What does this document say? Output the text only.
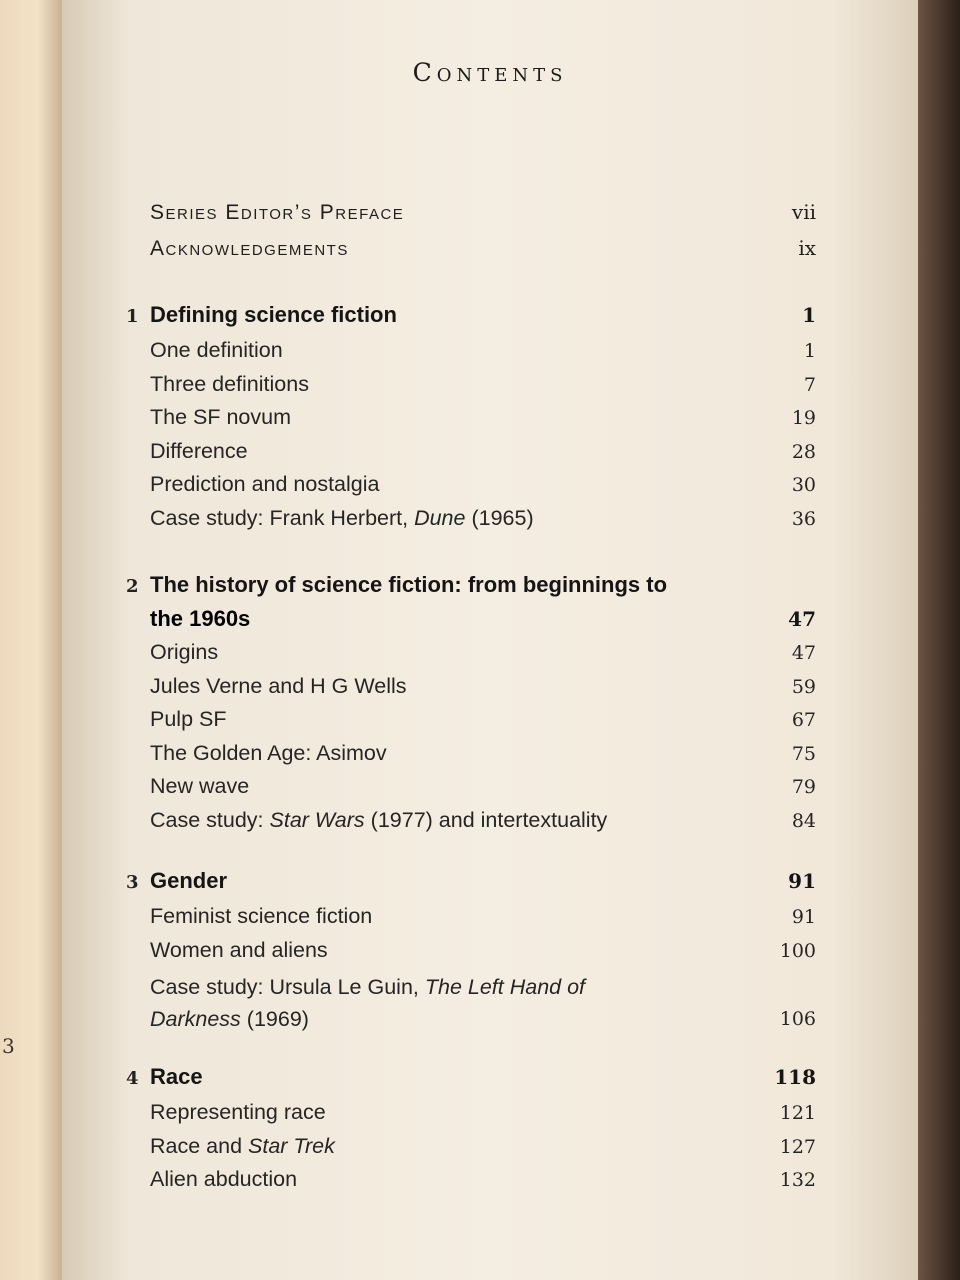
3

Contents
Series Editor’s Preface	vii
Acknowledgements	ix
1 Defining science fiction	1
One definition	1
Three definitions	7
The SF novum	19
Difference	28
Prediction and nostalgia	30
Case study: Frank Herbert, Dune (1965)	36
2 The history of science fiction: from beginnings to
the 1960s	47
Origins	47
Jules Verne and H G Wells	59
Pulp SF	67
The Golden Age: Asimov	75
New wave	79
Case study: Star Wars (1977) and intertextuality	84
3 Gender	91
Feminist science fiction	91
Women and aliens	100
Case study: Ursula Le Guin, The Left Hand of
Darkness (1969)	106
4 Race	118
Representing race	121
Race and Star Trek	127
Alien abduction	132
